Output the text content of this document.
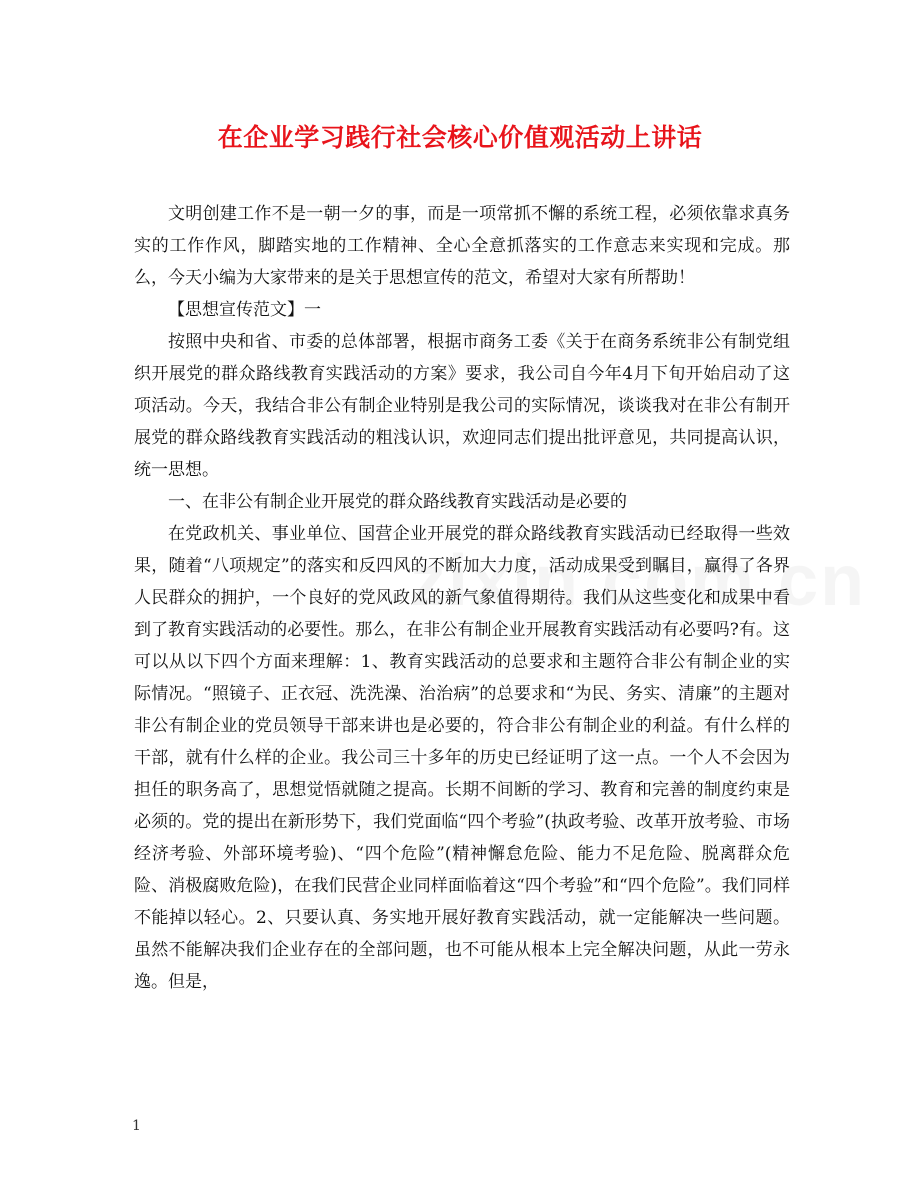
在企业学习践行社会核心价值观活动上讲话

文明创建工作不是一朝一夕的事，而是一项常抓不懈的系统工程，必须依靠求真务实的工作作风，脚踏实地的工作精神、全心全意抓落实的工作意志来实现和完成。那么，今天小编为大家带来的是关于思想宣传的范文，希望对大家有所帮助！

【思想宣传范文】一

按照中央和省、市委的总体部署，根据市商务工委《关于在商务系统非公有制党组织开展党的群众路线教育实践活动的方案》要求，我公司自今年4月下旬开始启动了这项活动。今天，我结合非公有制企业特别是我公司的实际情况，谈谈我对在非公有制开展党的群众路线教育实践活动的粗浅认识，欢迎同志们提出批评意见，共同提高认识，统一思想。

一、在非公有制企业开展党的群众路线教育实践活动是必要的

在党政机关、事业单位、国营企业开展党的群众路线教育实践活动已经取得一些效果，随着“八项规定”的落实和反四风的不断加大力度，活动成果受到瞩目，赢得了各界人民群众的拥护，一个良好的党风政风的新气象值得期待。我们从这些变化和成果中看到了教育实践活动的必要性。那么，在非公有制企业开展教育实践活动有必要吗?有。这可以从以下四个方面来理解：1、教育实践活动的总要求和主题符合非公有制企业的实际情况。“照镜子、正衣冠、洗洗澡、治治病”的总要求和“为民、务实、清廉”的主题对非公有制企业的党员领导干部来讲也是必要的，符合非公有制企业的利益。有什么样的干部，就有什么样的企业。我公司三十多年的历史已经证明了这一点。一个人不会因为担任的职务高了，思想觉悟就随之提高。长期不间断的学习、教育和完善的制度约束是必须的。党的提出在新形势下，我们党面临“四个考验”(执政考验、改革开放考验、市场经济考验、外部环境考验)、“四个危险”(精神懈怠危险、能力不足危险、脱离群众危险、消极腐败危险)，在我们民营企业同样面临着这“四个考验”和“四个危险”。我们同样不能掉以轻心。2、只要认真、务实地开展好教育实践活动，就一定能解决一些问题。虽然不能解决我们企业存在的全部问题，也不可能从根本上完全解决问题，从此一劳永逸。但是，

1
